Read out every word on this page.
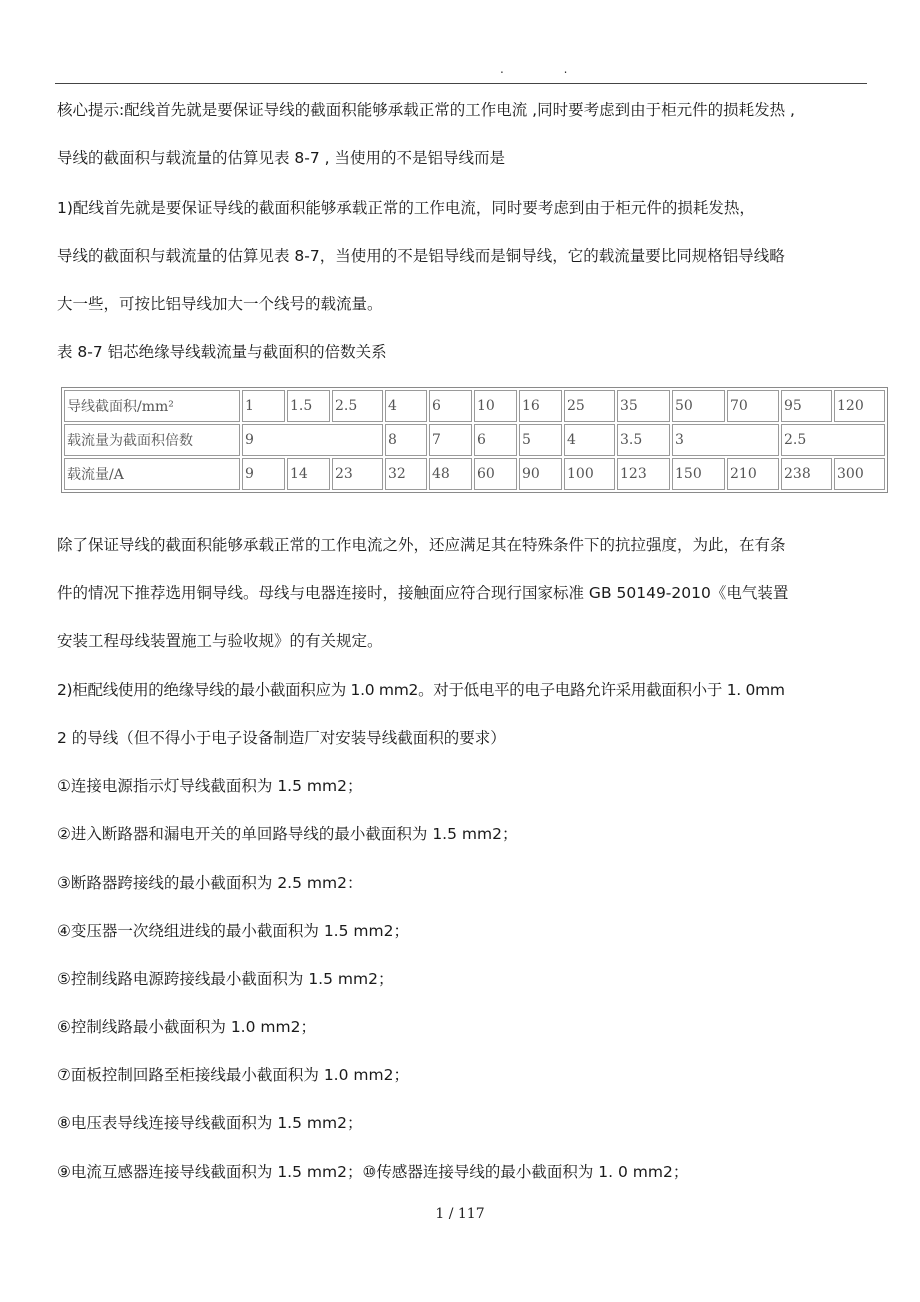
. .
核心提示:配线首先就是要保证导线的截面积能够承载正常的工作电流 ,同时要考虑到由于柜元件的损耗发热 ,
导线的截面积与载流量的估算见表 8-7 , 当使用的不是铝导线而是
1)配线首先就是要保证导线的截面积能够承载正常的工作电流，同时要考虑到由于柜元件的损耗发热，
导线的截面积与载流量的估算见表 8-7，当使用的不是铝导线而是铜导线，它的载流量要比同规格铝导线略
大一些，可按比铝导线加大一个线号的载流量。
表 8-7 铝芯绝缘导线载流量与截面积的倍数关系
导线截面积/mm²	1	1.5	2.5	4	6	10	16	25	35	50	70	95	120
载流量为截面积倍数	9			8	7	6	5	4	3.5	3		2.5	
载流量/A	9	14	23	32	48	60	90	100	123	150	210	238	300
除了保证导线的截面积能够承载正常的工作电流之外，还应满足其在特殊条件下的抗拉强度，为此，在有条
件的情况下推荐选用铜导线。母线与电器连接时，接触面应符合现行国家标准 GB 50149-2010《电气装置
安装工程母线装置施工与验收规》的有关规定。
2)柜配线使用的绝缘导线的最小截面积应为 1.0 mm2。对于低电平的电子电路允许采用截面积小于 1. 0mm
2 的导线（但不得小于电子设备制造厂对安装导线截面积的要求）
①连接电源指示灯导线截面积为 1.5 mm2；
②进入断路器和漏电开关的单回路导线的最小截面积为 1.5 mm2；
③断路器跨接线的最小截面积为 2.5 mm2：
④变压器一次绕组进线的最小截面积为 1.5 mm2；
⑤控制线路电源跨接线最小截面积为 1.5 mm2；
⑥控制线路最小截面积为 1.0 mm2；
⑦面板控制回路至柜接线最小截面积为 1.0 mm2；
⑧电压表导线连接导线截面积为 1.5 mm2；
⑨电流互感器连接导线截面积为 1.5 mm2；⑩传感器连接导线的最小截面积为 1. 0 mm2；
1 / 117
